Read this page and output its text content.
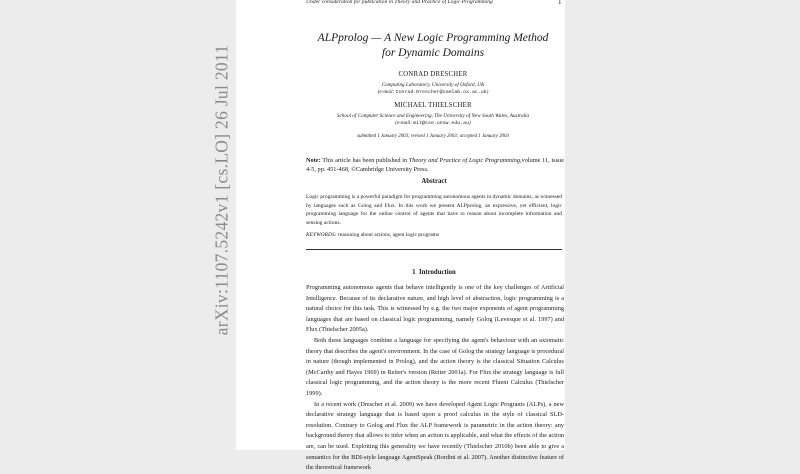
arXiv:1107.5242v1 [cs.LO] 26 Jul 2011
Under consideration for publication in Theory and Practice of Logic Programming	1
ALPprolog — A New Logic Programming Method
for Dynamic Domains
CONRAD DRESCHER
Computing Laboratory, University of Oxford, UK
(e-mail: Conrad.Drescher@comlab.ox.ac.uk)
MICHAEL THIELSCHER
School of Computer Science and Engineering, The University of New South Wales, Australia
(e-mail: mit@cse.unsw.edu.au)
submitted 1 January 2003; revised 1 January 2003; accepted 1 January 2003
Note: This article has been published in Theory and Practice of Logic Programming,volume 11, issue 4-5, pp. 451-468, ©Cambridge University Press.
Abstract
Logic programming is a powerful paradigm for programming autonomous agents in dynamic domains, as witnessed by languages such as Golog and Flux. In this work we present ALPprolog, an expressive, yet efficient, logic programming language for the online control of agents that have to reason about incomplete information and sensing actions.
KEYWORDS: reasoning about actions, agent logic programs
1 Introduction

Programming autonomous agents that behave intelligently is one of the key challenges of Artificial Intelligence. Because of its declarative nature, and high level of abstraction, logic programming is a natural choice for this task. This is witnessed by e.g. the two major exponents of agent programming languages that are based on classical logic programming, namely Golog (Levesque et al. 1997) and Flux (Thielscher 2005a).

Both these languages combine a language for specifying the agent's behaviour with an axiomatic theory that describes the agent's environment. In the case of Golog the strategy language is procedural in nature (though implemented in Prolog), and the action theory is the classical Situation Calculus (McCarthy and Hayes 1969) in Reiter's version (Reiter 2001a). For Flux the strategy language is full classical logic programming, and the action theory is the more recent Fluent Calculus (Thielscher 1999).

In a recent work (Drescher et al. 2009) we have developed Agent Logic Programs (ALPs), a new declarative strategy language that is based upon a proof calculus in the style of classical SLD-resolution. Contrary to Golog and Flux the ALP framework is parametric in the action theory: any background theory that allows to infer when an action is applicable, and what the effects of the action are, can be used. Exploiting this generality we have recently (Thielscher 2010b) been able to give a semantics for the BDI-style language AgentSpeak (Bordini et al. 2007). Another distinctive feature of the theoretical framework
